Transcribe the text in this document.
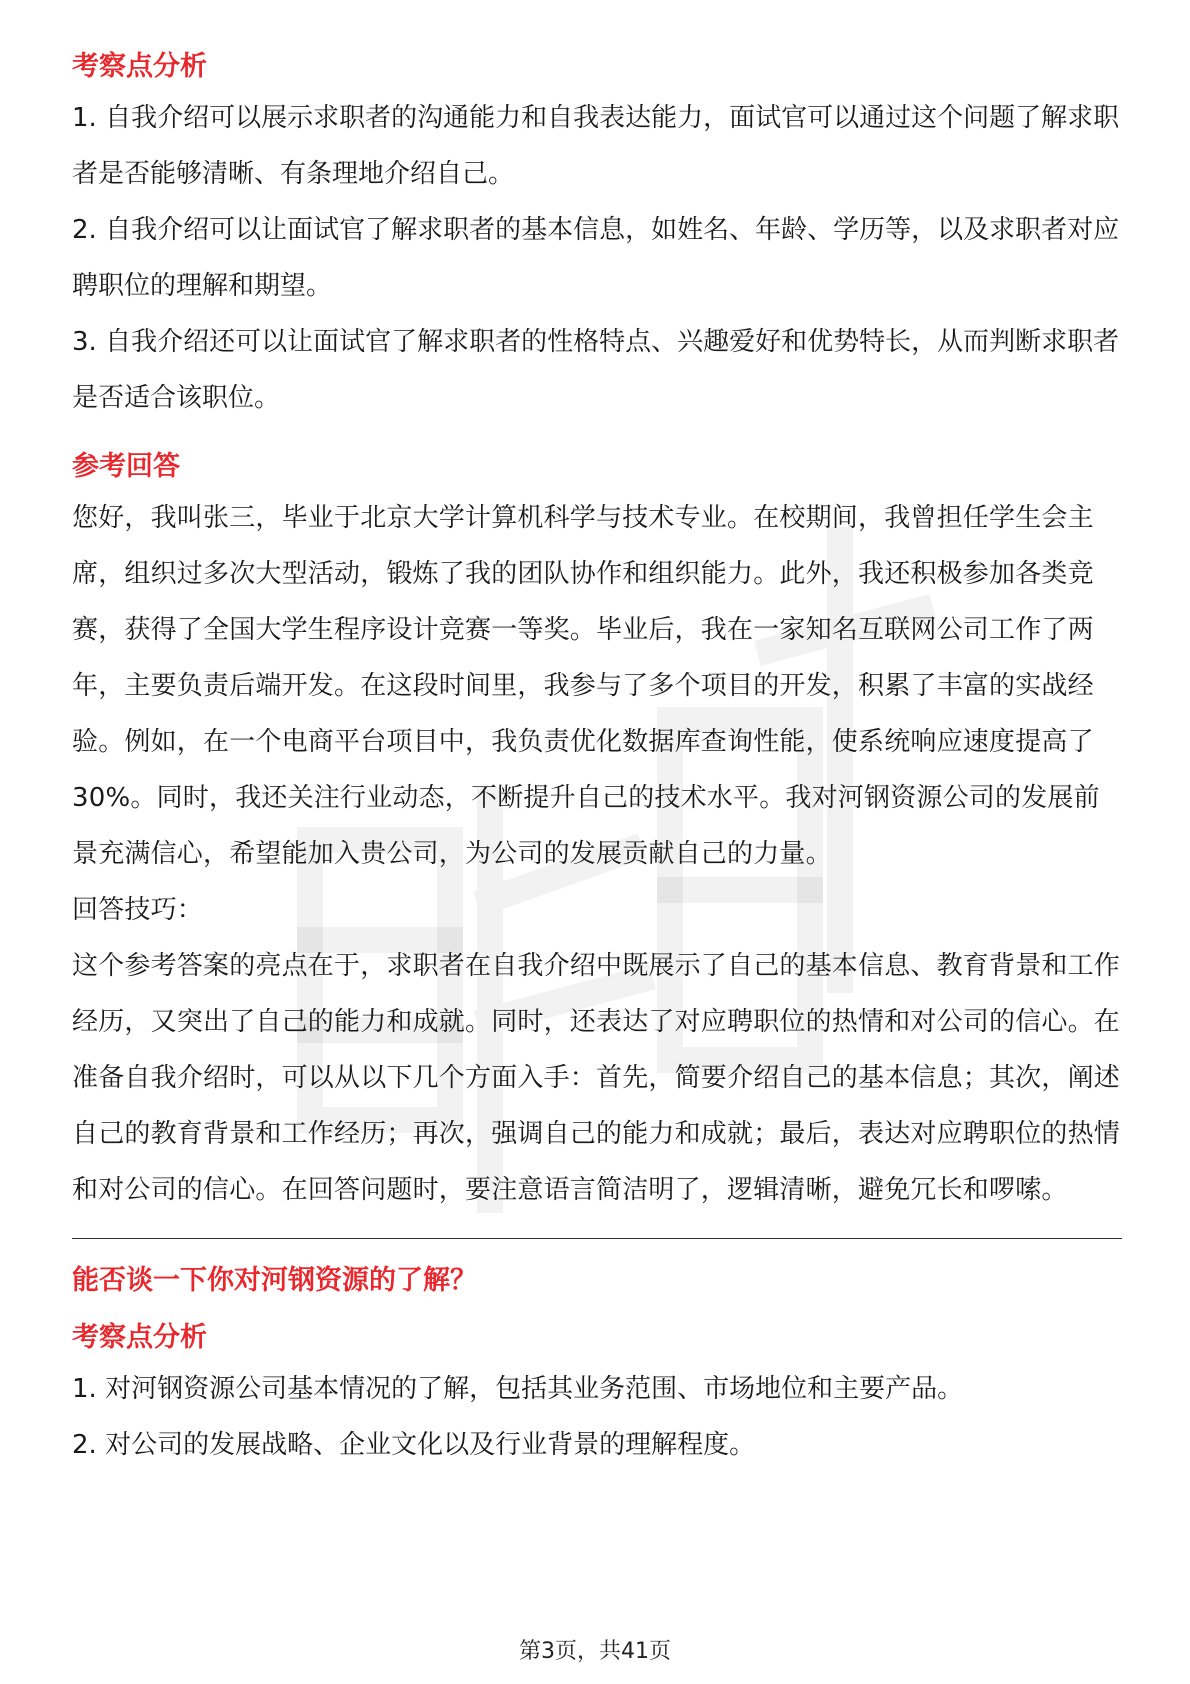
考察点分析

1. 自我介绍可以展示求职者的沟通能力和自我表达能力，面试官可以通过这个问题了解求职者是否能够清晰、有条理地介绍自己。

2. 自我介绍可以让面试官了解求职者的基本信息，如姓名、年龄、学历等，以及求职者对应聘职位的理解和期望。

3. 自我介绍还可以让面试官了解求职者的性格特点、兴趣爱好和优势特长，从而判断求职者是否适合该职位。

参考回答

您好，我叫张三，毕业于北京大学计算机科学与技术专业。在校期间，我曾担任学生会主席，组织过多次大型活动，锻炼了我的团队协作和组织能力。此外，我还积极参加各类竞赛，获得了全国大学生程序设计竞赛一等奖。毕业后，我在一家知名互联网公司工作了两年，主要负责后端开发。在这段时间里，我参与了多个项目的开发，积累了丰富的实战经验。例如，在一个电商平台项目中，我负责优化数据库查询性能，使系统响应速度提高了30%。同时，我还关注行业动态，不断提升自己的技术水平。我对河钢资源公司的发展前景充满信心，希望能加入贵公司，为公司的发展贡献自己的力量。

回答技巧：

这个参考答案的亮点在于，求职者在自我介绍中既展示了自己的基本信息、教育背景和工作经历，又突出了自己的能力和成就。同时，还表达了对应聘职位的热情和对公司的信心。在准备自我介绍时，可以从以下几个方面入手：首先，简要介绍自己的基本信息；其次，阐述自己的教育背景和工作经历；再次，强调自己的能力和成就；最后，表达对应聘职位的热情和对公司的信心。在回答问题时，要注意语言简洁明了，逻辑清晰，避免冗长和啰嗦。

能否谈一下你对河钢资源的了解？

考察点分析

1. 对河钢资源公司基本情况的了解，包括其业务范围、市场地位和主要产品。

2. 对公司的发展战略、企业文化以及行业背景的理解程度。

第3页，共41页
